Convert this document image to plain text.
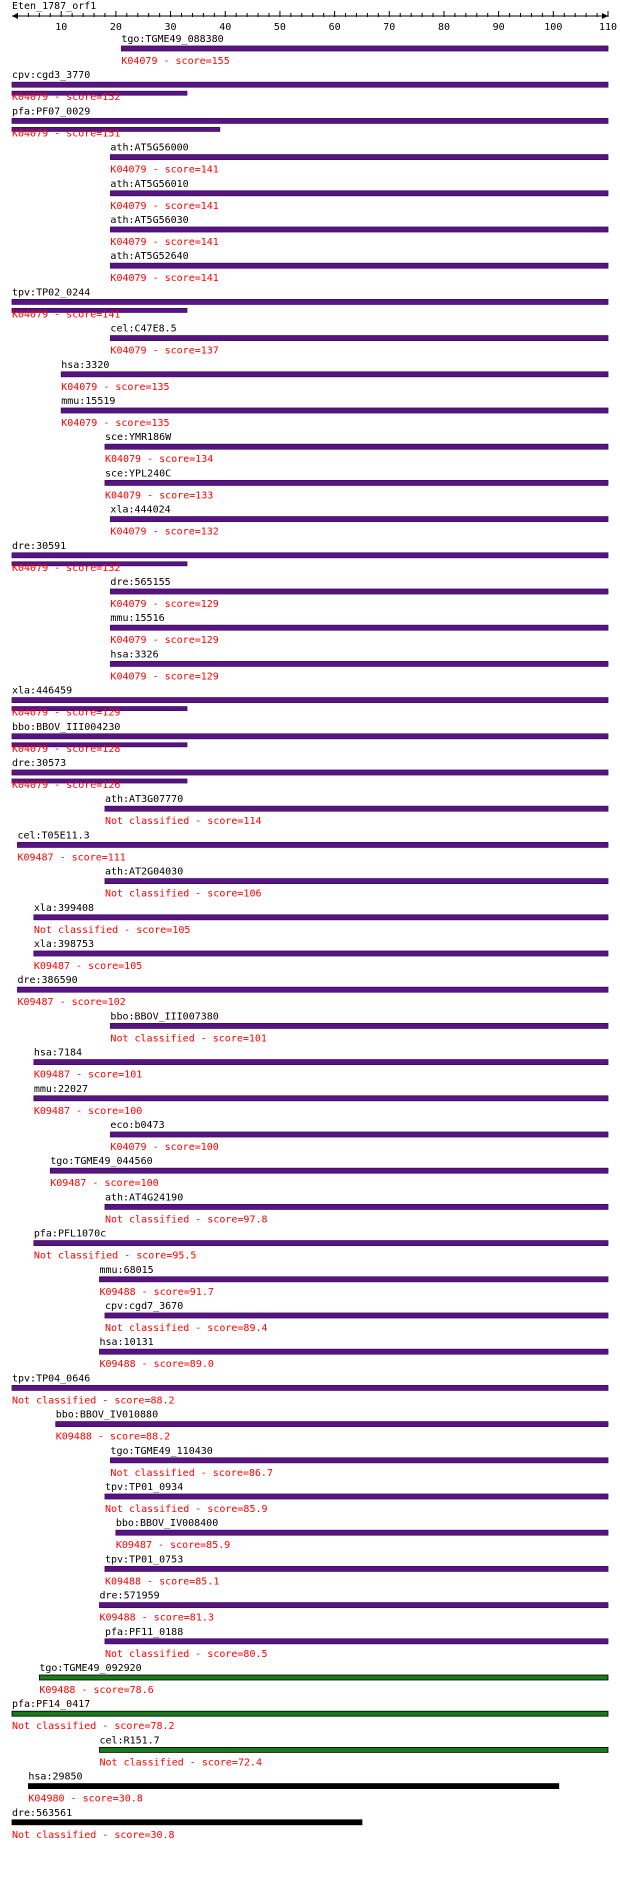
Eten_1787_orf1
10	20	30	40	50	60	70	80	90	100	110
tgo:TGME49_088380
K04079 - score=155
cpv:cgd3_3770
K04079 - score=152
pfa:PF07_0029
K04079 - score=151
ath:AT5G56000
K04079 - score=141
ath:AT5G56010
K04079 - score=141
ath:AT5G56030
K04079 - score=141
ath:AT5G52640
K04079 - score=141
tpv:TP02_0244
K04079 - score=141
cel:C47E8.5
K04079 - score=137
hsa:3320
K04079 - score=135
mmu:15519
K04079 - score=135
sce:YMR186W
K04079 - score=134
sce:YPL240C
K04079 - score=133
xla:444024
K04079 - score=132
dre:30591
K04079 - score=132
dre:565155
K04079 - score=129
mmu:15516
K04079 - score=129
hsa:3326
K04079 - score=129
xla:446459
K04079 - score=129
bbo:BBOV_III004230
K04079 - score=128
dre:30573
K04079 - score=126
ath:AT3G07770
Not classified - score=114
cel:T05E11.3
K09487 - score=111
ath:AT2G04030
Not classified - score=106
xla:399408
Not classified - score=105
xla:398753
K09487 - score=105
dre:386590
K09487 - score=102
bbo:BBOV_III007380
Not classified - score=101
hsa:7184
K09487 - score=101
mmu:22027
K09487 - score=100
eco:b0473
K04079 - score=100
tgo:TGME49_044560
K09487 - score=100
ath:AT4G24190
Not classified - score=97.8
pfa:PFL1070c
Not classified - score=95.5
mmu:68015
K09488 - score=91.7
cpv:cgd7_3670
Not classified - score=89.4
hsa:10131
K09488 - score=89.0
tpv:TP04_0646
Not classified - score=88.2
bbo:BBOV_IV010880
K09488 - score=88.2
tgo:TGME49_110430
Not classified - score=86.7
tpv:TP01_0934
Not classified - score=85.9
bbo:BBOV_IV008400
K09487 - score=85.9
tpv:TP01_0753
K09488 - score=85.1
dre:571959
K09488 - score=81.3
pfa:PF11_0188
Not classified - score=80.5
tgo:TGME49_092920
K09488 - score=78.6
pfa:PF14_0417
Not classified - score=78.2
cel:R151.7
Not classified - score=72.4
hsa:29850
K04980 - score=30.8
dre:563561
Not classified - score=30.8
